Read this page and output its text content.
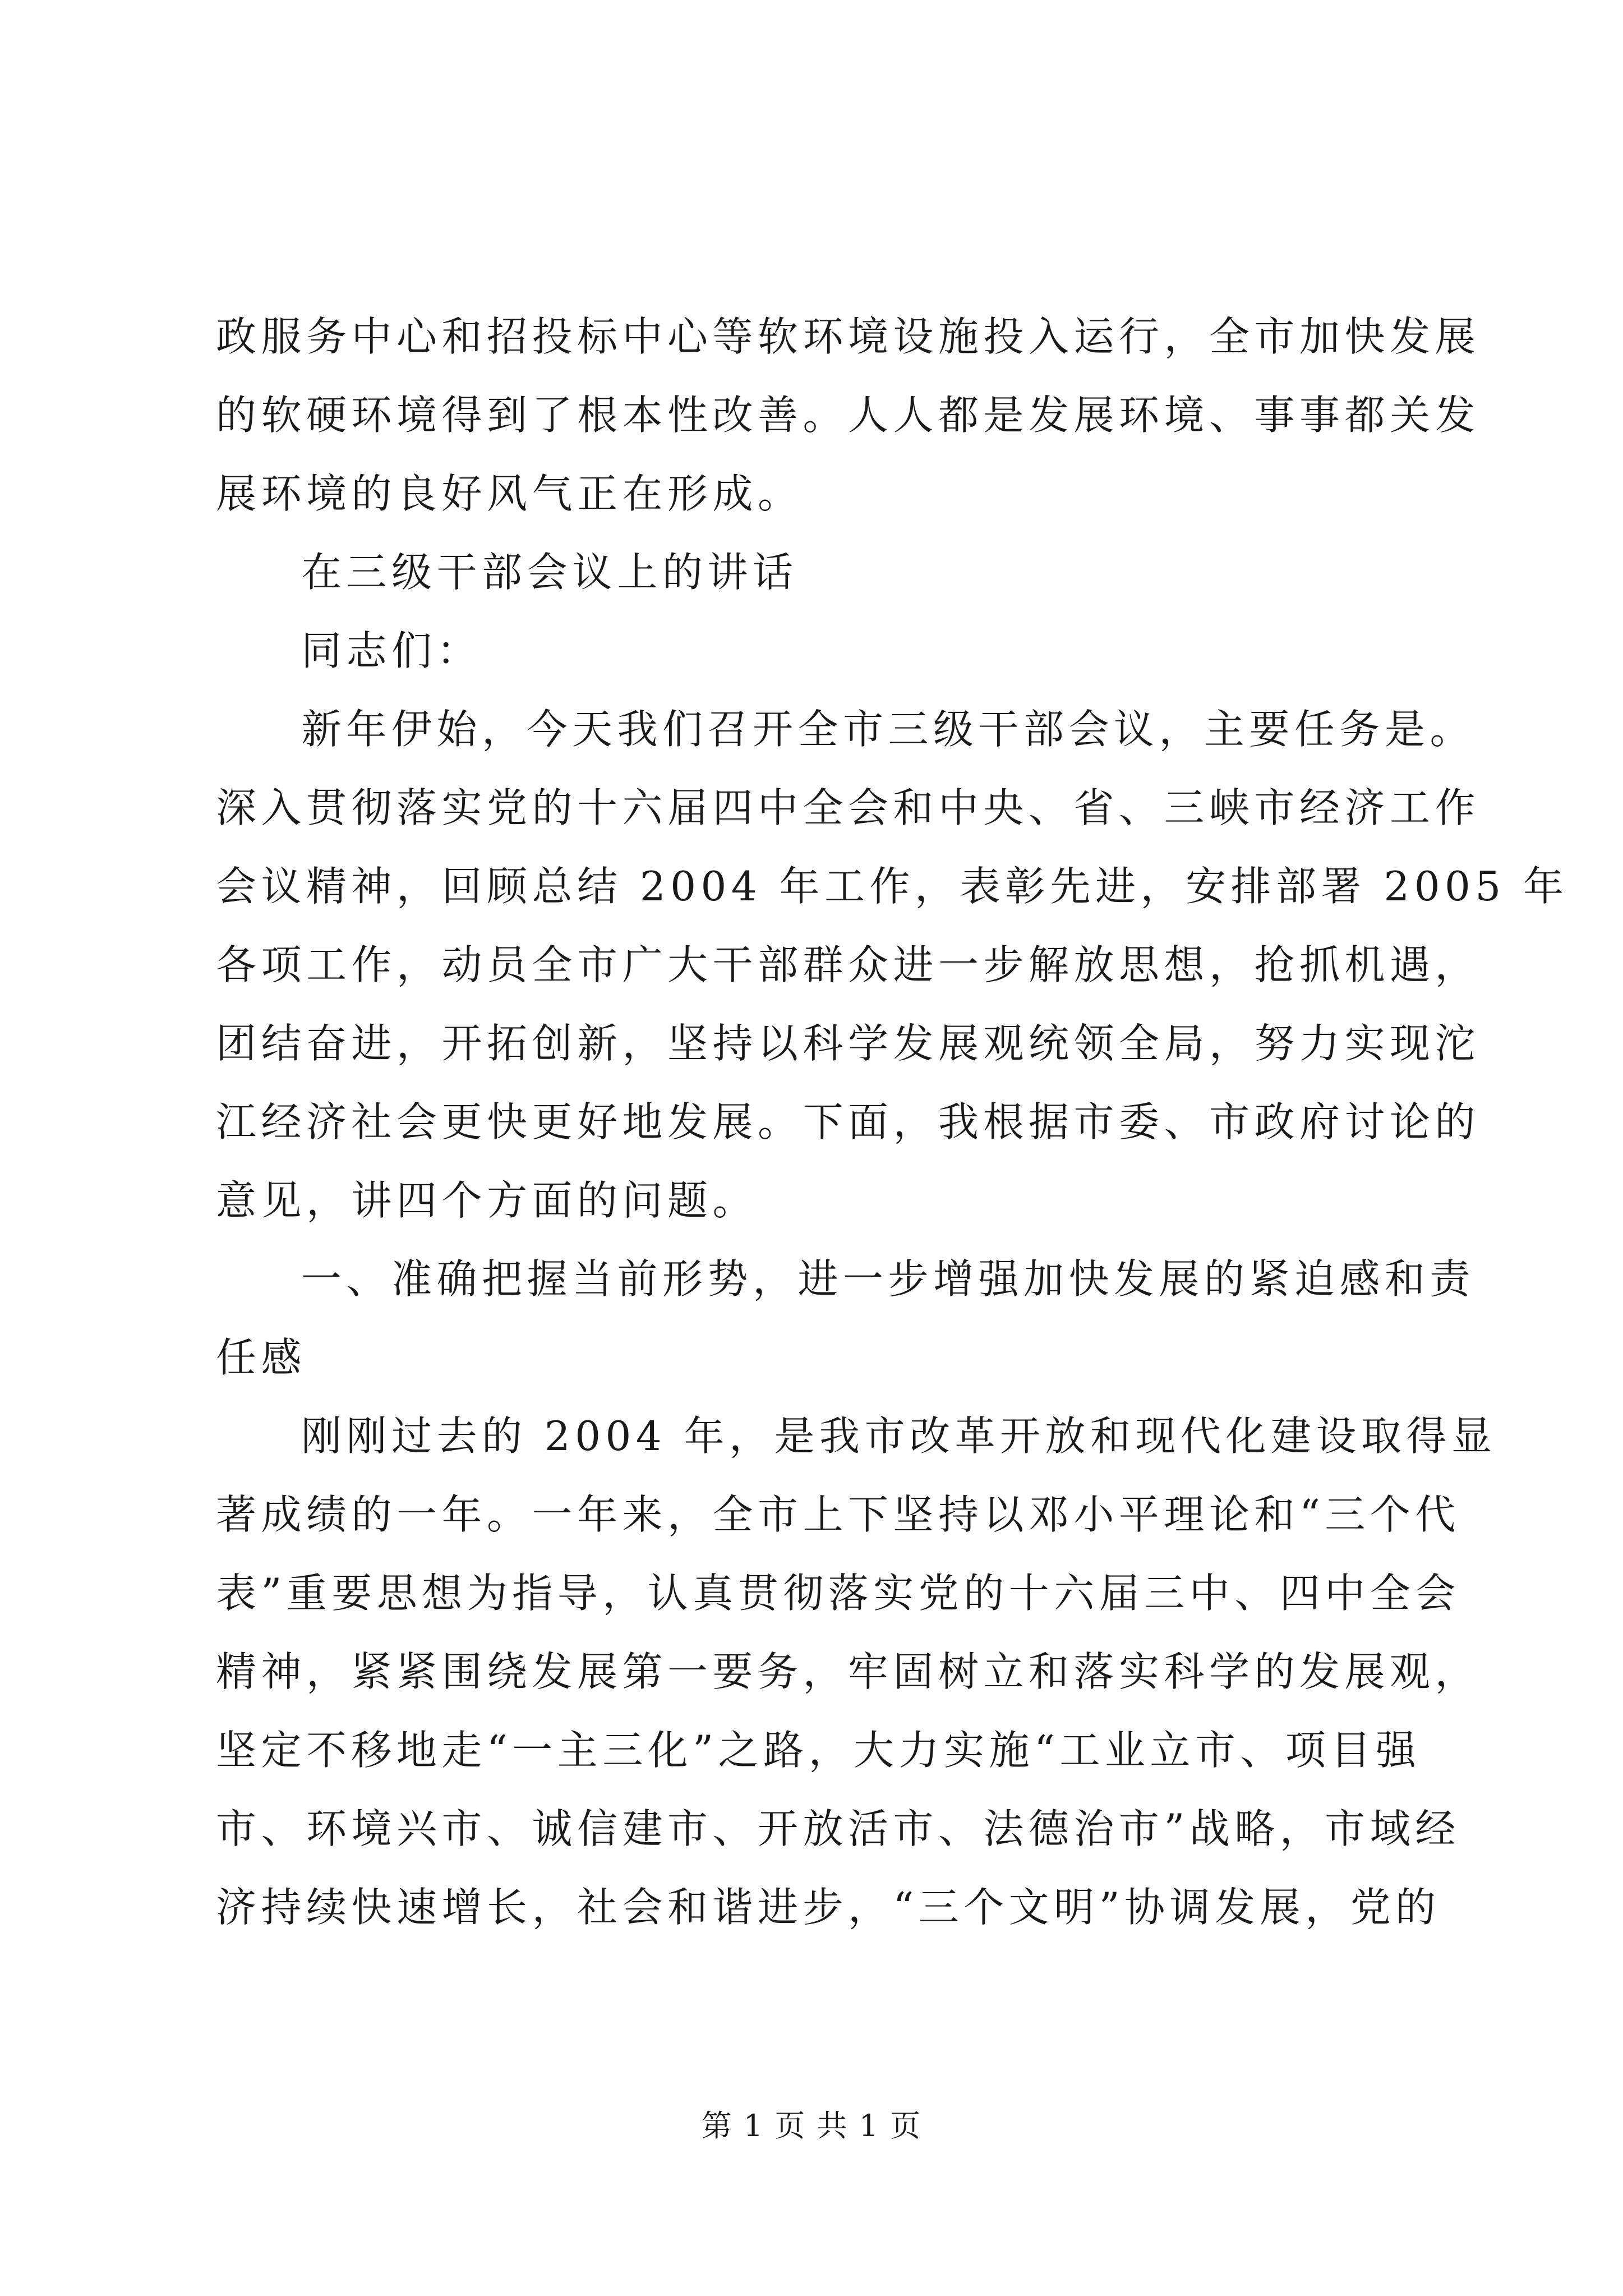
政服务中心和招投标中心等软环境设施投入运行，全市加快发展
的软硬环境得到了根本性改善。人人都是发展环境、事事都关发
展环境的良好风气正在形成。
在三级干部会议上的讲话
同志们：
新年伊始，今天我们召开全市三级干部会议，主要任务是。
深入贯彻落实党的十六届四中全会和中央、省、三峡市经济工作
会议精神，回顾总结 2004 年工作，表彰先进，安排部署 2005 年
各项工作，动员全市广大干部群众进一步解放思想，抢抓机遇，
团结奋进，开拓创新，坚持以科学发展观统领全局，努力实现沱
江经济社会更快更好地发展。下面，我根据市委、市政府讨论的
意见，讲四个方面的问题。
一、准确把握当前形势，进一步增强加快发展的紧迫感和责
任感
刚刚过去的 2004 年，是我市改革开放和现代化建设取得显
著成绩的一年。一年来，全市上下坚持以邓小平理论和“三个代
表”重要思想为指导，认真贯彻落实党的十六届三中、四中全会
精神，紧紧围绕发展第一要务，牢固树立和落实科学的发展观，
坚定不移地走“一主三化”之路，大力实施“工业立市、项目强
市、环境兴市、诚信建市、开放活市、法德治市”战略，市域经
济持续快速增长，社会和谐进步，“三个文明”协调发展，党的
第 1 页 共 1 页
